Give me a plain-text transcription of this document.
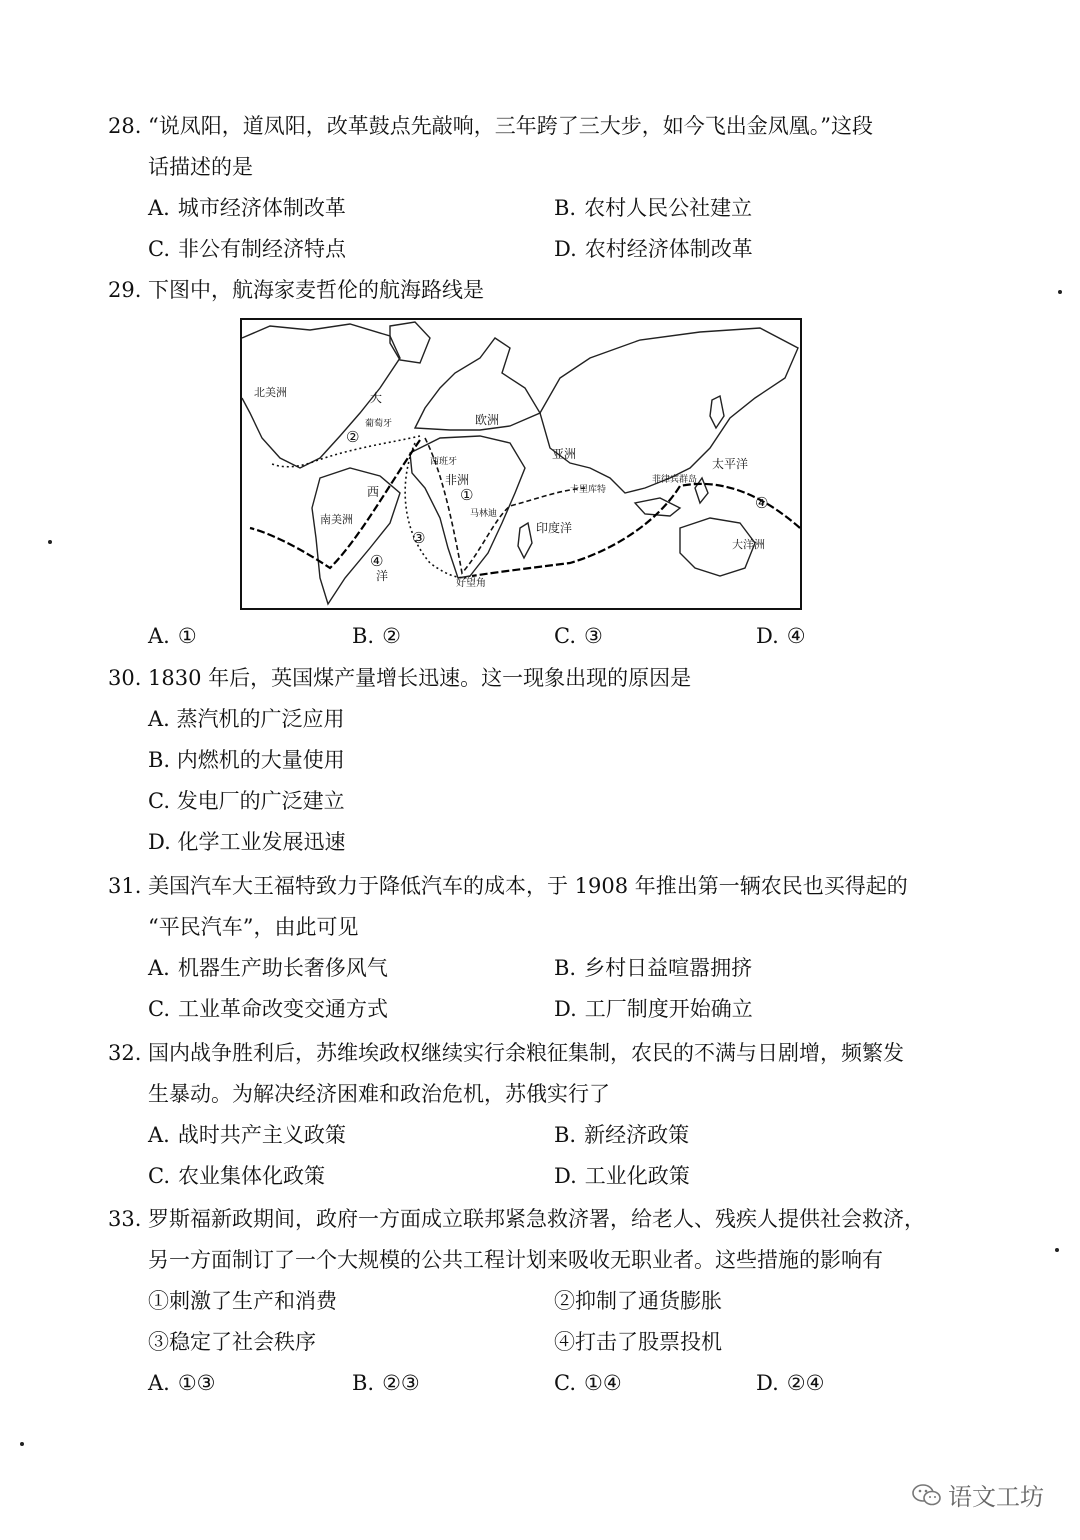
28. “说凤阳，道凤阳，改革鼓点先敲响，三年跨了三大步，如今飞出金凤凰。”这段
话描述的是
A. 城市经济体制改革	B. 农村人民公社建立
C. 非公有制经济特点	D. 农村经济体制改革
29. 下图中，航海家麦哲伦的航海路线是
北美洲	大
西
洋
欧洲
葡萄牙
西班牙
非洲
亚洲
太平洋
南美洲
印度洋
大洋洲
菲律宾群岛
卡里库特
马林迪
好望角
①
②
③
④
④
A. ①	B. ②	C. ③	D. ④
30. 1830 年后，英国煤产量增长迅速。这一现象出现的原因是
A. 蒸汽机的广泛应用
B. 内燃机的大量使用
C. 发电厂的广泛建立
D. 化学工业发展迅速
31. 美国汽车大王福特致力于降低汽车的成本，于 1908 年推出第一辆农民也买得起的
“平民汽车”，由此可见
A. 机器生产助长奢侈风气	B. 乡村日益喧嚣拥挤
C. 工业革命改变交通方式	D. 工厂制度开始确立
32. 国内战争胜利后，苏维埃政权继续实行余粮征集制，农民的不满与日剧增，频繁发
生暴动。为解决经济困难和政治危机，苏俄实行了
A. 战时共产主义政策	B. 新经济政策
C. 农业集体化政策	D. 工业化政策
33. 罗斯福新政期间，政府一方面成立联邦紧急救济署，给老人、残疾人提供社会救济，
另一方面制订了一个大规模的公共工程计划来吸收无职业者。这些措施的影响有
①刺激了生产和消费	②抑制了通货膨胀
③稳定了社会秩序	④打击了股票投机
A. ①③	B. ②③	C. ①④	D. ②④
语文工坊
